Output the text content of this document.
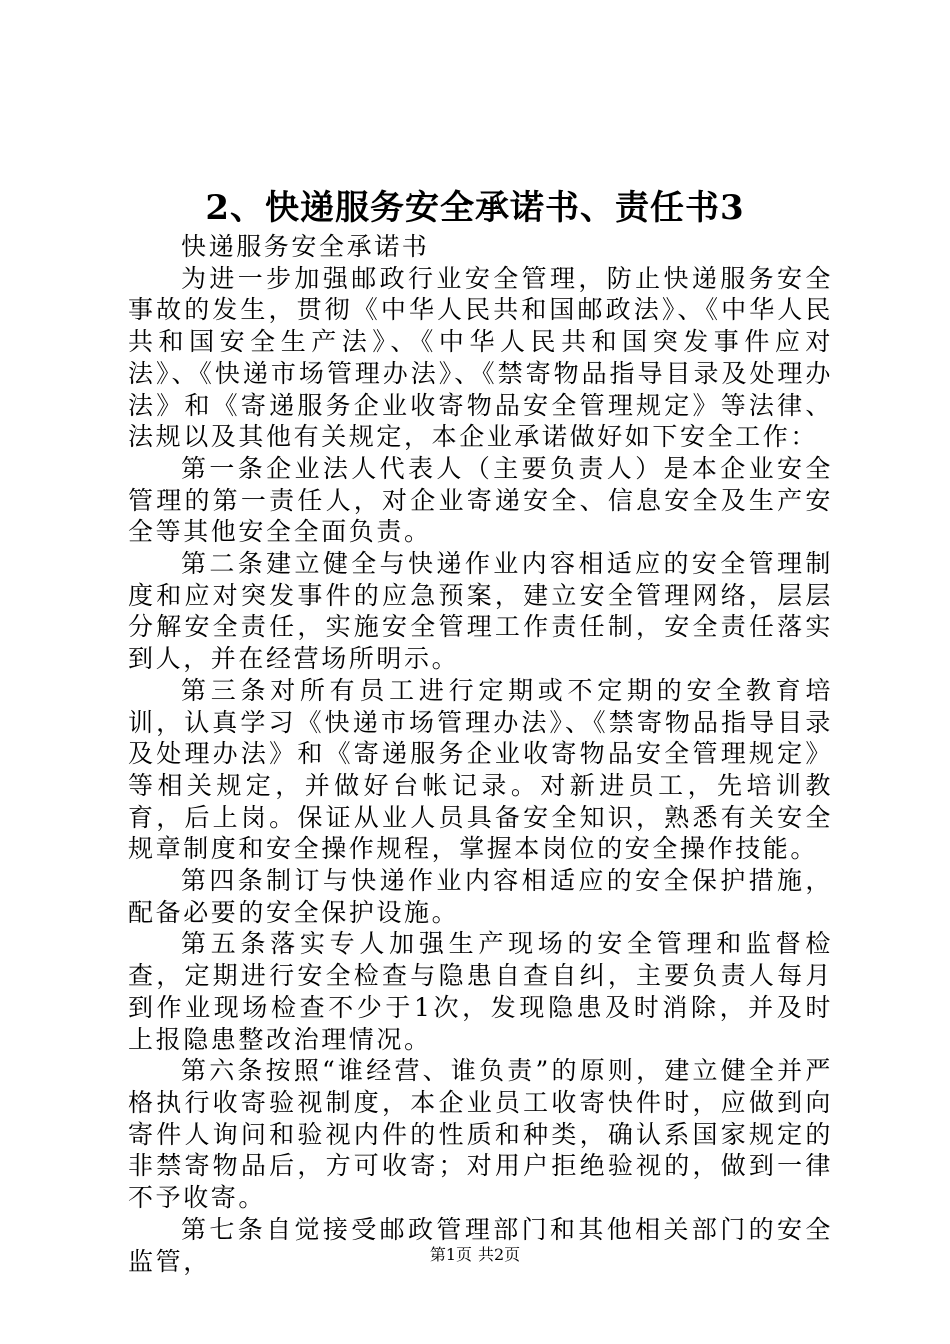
2、快递服务安全承诺书、责任书3

快递服务安全承诺书

为进一步加强邮政行业安全管理，防止快递服务安全事故的发生，贯彻《中华人民共和国邮政法》、《中华人民共和国安全生产法》、《中华人民共和国突发事件应对法》、《快递市场管理办法》、《禁寄物品指导目录及处理办法》和《寄递服务企业收寄物品安全管理规定》等法律、法规以及其他有关规定，本企业承诺做好如下安全工作：

第一条企业法人代表人（主要负责人）是本企业安全管理的第一责任人，对企业寄递安全、信息安全及生产安全等其他安全全面负责。

第二条建立健全与快递作业内容相适应的安全管理制度和应对突发事件的应急预案，建立安全管理网络，层层分解安全责任，实施安全管理工作责任制，安全责任落实到人，并在经营场所明示。

第三条对所有员工进行定期或不定期的安全教育培训，认真学习《快递市场管理办法》、《禁寄物品指导目录及处理办法》和《寄递服务企业收寄物品安全管理规定》等相关规定，并做好台帐记录。对新进员工，先培训教育，后上岗。保证从业人员具备安全知识，熟悉有关安全规章制度和安全操作规程，掌握本岗位的安全操作技能。

第四条制订与快递作业内容相适应的安全保护措施，配备必要的安全保护设施。

第五条落实专人加强生产现场的安全管理和监督检查，定期进行安全检查与隐患自查自纠，主要负责人每月到作业现场检查不少于1次，发现隐患及时消除，并及时上报隐患整改治理情况。

第六条按照“谁经营、谁负责”的原则，建立健全并严格执行收寄验视制度，本企业员工收寄快件时，应做到向寄件人询问和验视内件的性质和种类，确认系国家规定的非禁寄物品后，方可收寄；对用户拒绝验视的，做到一律不予收寄。

第七条自觉接受邮政管理部门和其他相关部门的安全监管，	第1页 共2页
